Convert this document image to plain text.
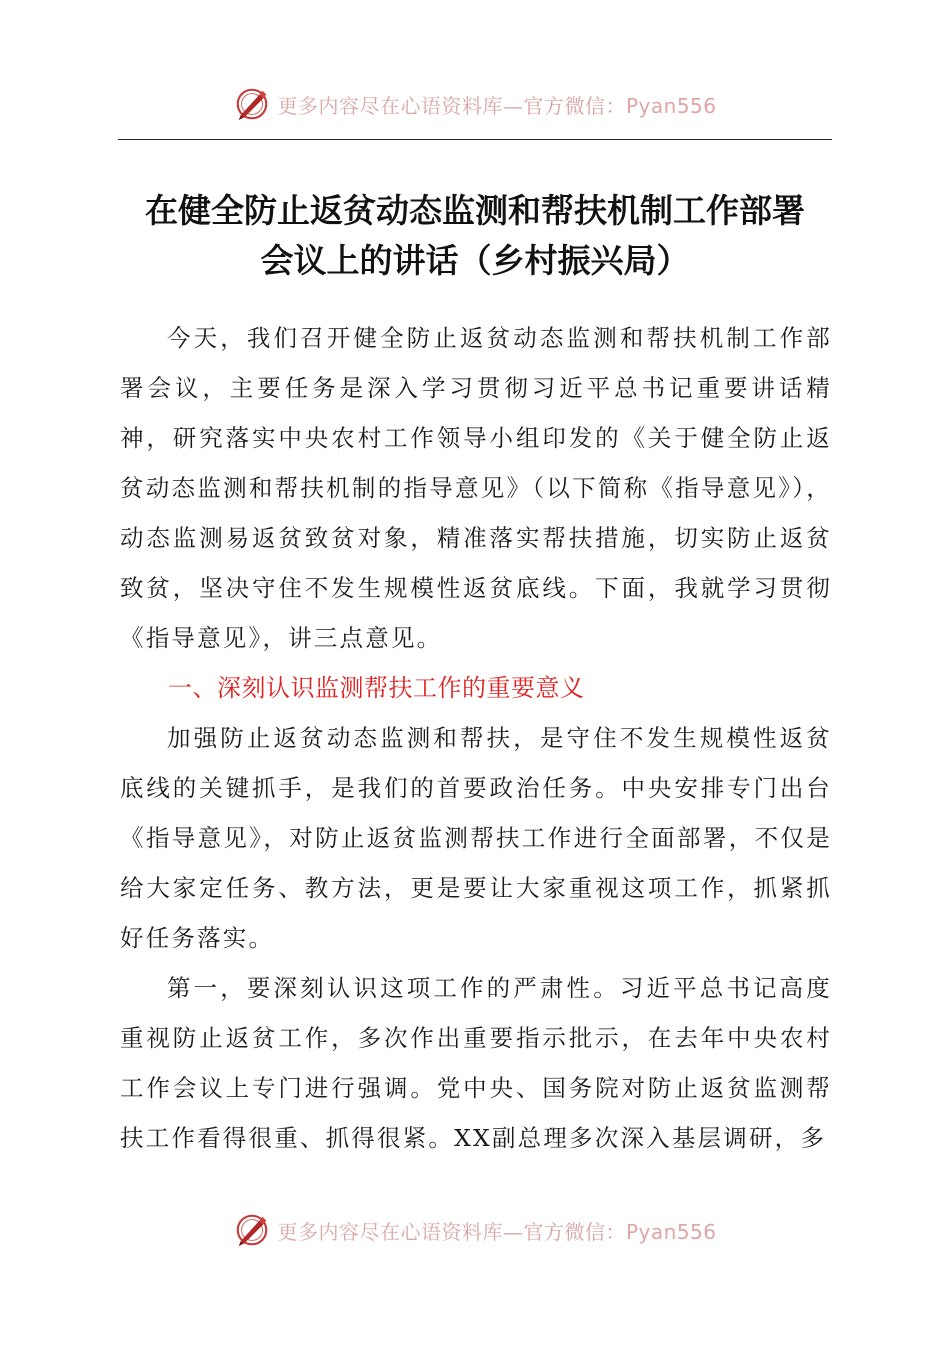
更多内容尽在心语资料库—官方微信：Pyan556
在健全防止返贫动态监测和帮扶机制工作部署
会议上的讲话（乡村振兴局）

今天，我们召开健全防止返贫动态监测和帮扶机制工作部署会议，主要任务是深入学习贯彻习近平总书记重要讲话精神，研究落实中央农村工作领导小组印发的《关于健全防止返贫动态监测和帮扶机制的指导意见》（以下简称《指导意见》），动态监测易返贫致贫对象，精准落实帮扶措施，切实防止返贫致贫，坚决守住不发生规模性返贫底线。下面，我就学习贯彻《指导意见》，讲三点意见。

一、深刻认识监测帮扶工作的重要意义

加强防止返贫动态监测和帮扶，是守住不发生规模性返贫底线的关键抓手，是我们的首要政治任务。中央安排专门出台《指导意见》，对防止返贫监测帮扶工作进行全面部署，不仅是给大家定任务、教方法，更是要让大家重视这项工作，抓紧抓好任务落实。

第一，要深刻认识这项工作的严肃性。习近平总书记高度重视防止返贫工作，多次作出重要指示批示，在去年中央农村工作会议上专门进行强调。党中央、国务院对防止返贫监测帮扶工作看得很重、抓得很紧。XX副总理多次深入基层调研，多

更多内容尽在心语资料库—官方微信：Pyan556
